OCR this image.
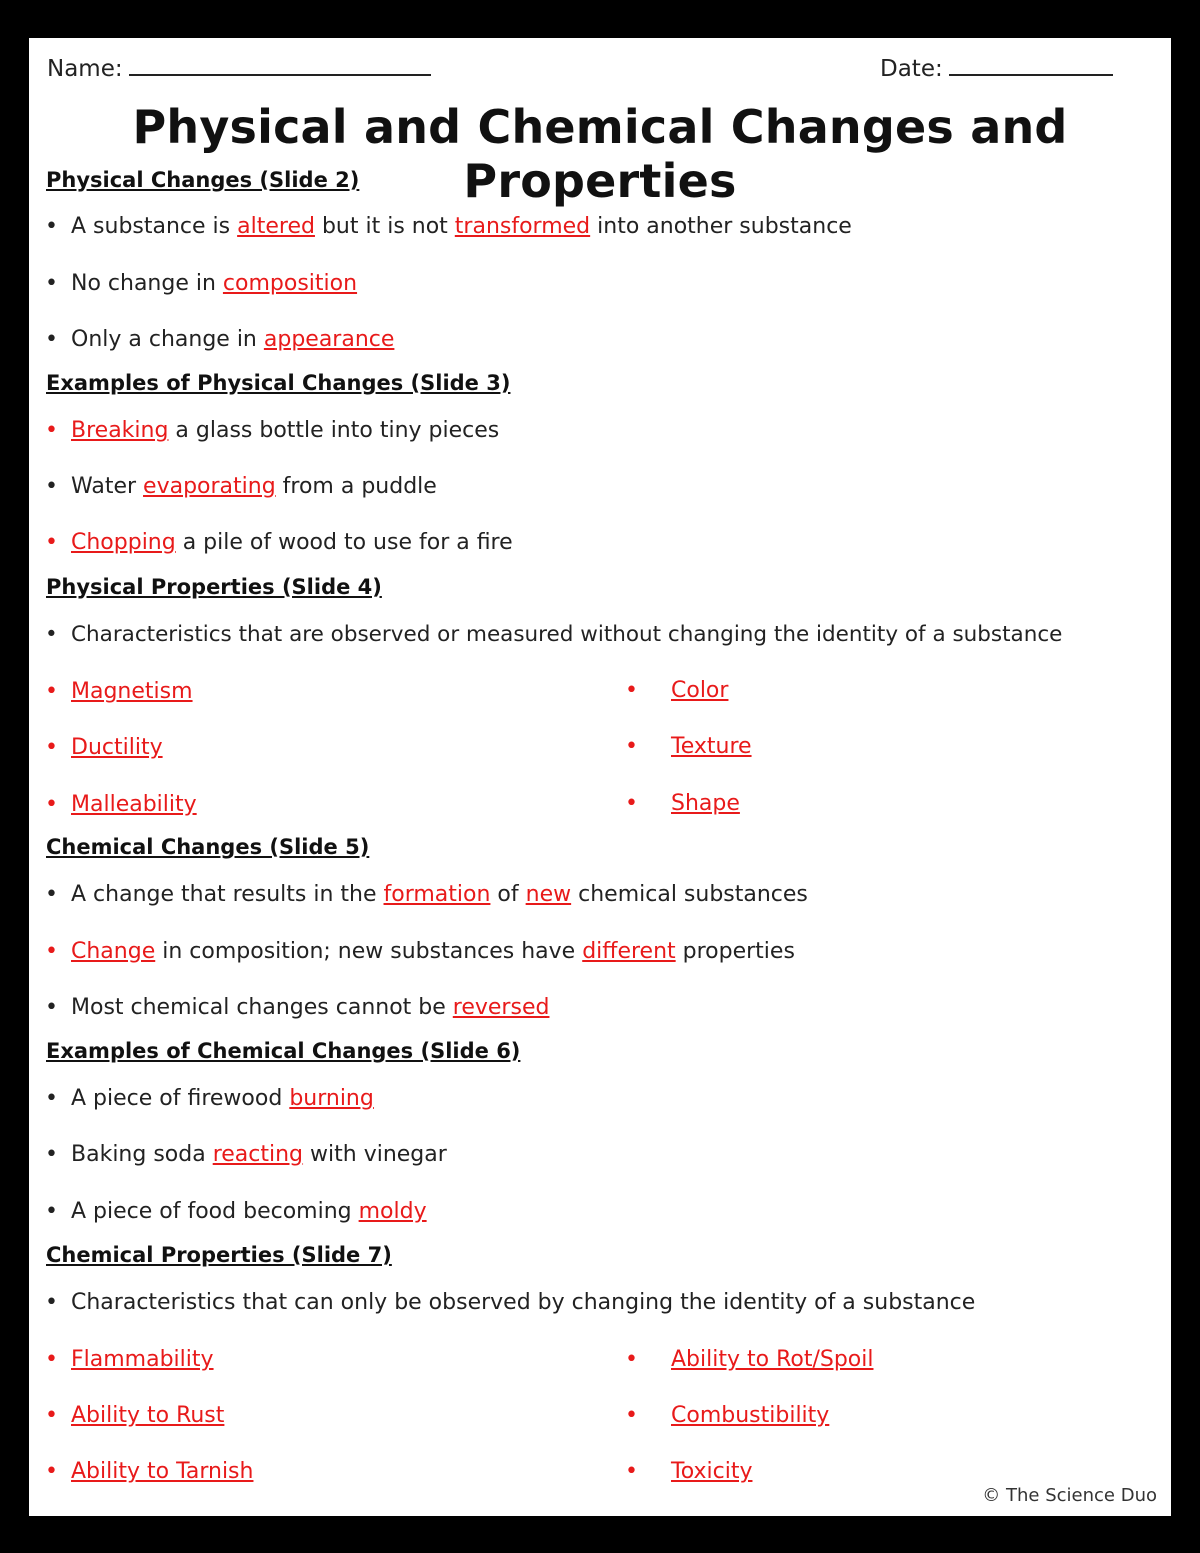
Name:	Date:
Physical and Chemical Changes and Properties
Physical Changes (Slide 2)
• A substance is altered but it is not transformed into another substance
• No change in composition
• Only a change in appearance
Examples of Physical Changes (Slide 3)
• Breaking a glass bottle into tiny pieces
• Water evaporating from a puddle
• Chopping a pile of wood to use for a fire
Physical Properties (Slide 4)
• Characteristics that are observed or measured without changing the identity of a substance
• Magnetism
• Ductility
• Malleability
• Color
• Texture
• Shape
Chemical Changes (Slide 5)
• A change that results in the formation of new chemical substances
• Change in composition; new substances have different properties
• Most chemical changes cannot be reversed
Examples of Chemical Changes (Slide 6)
• A piece of firewood burning
• Baking soda reacting with vinegar
• A piece of food becoming moldy
Chemical Properties (Slide 7)
• Characteristics that can only be observed by changing the identity of a substance
• Flammability
• Ability to Rust
• Ability to Tarnish
• Ability to Rot/Spoil
• Combustibility
• Toxicity
© The Science Duo
